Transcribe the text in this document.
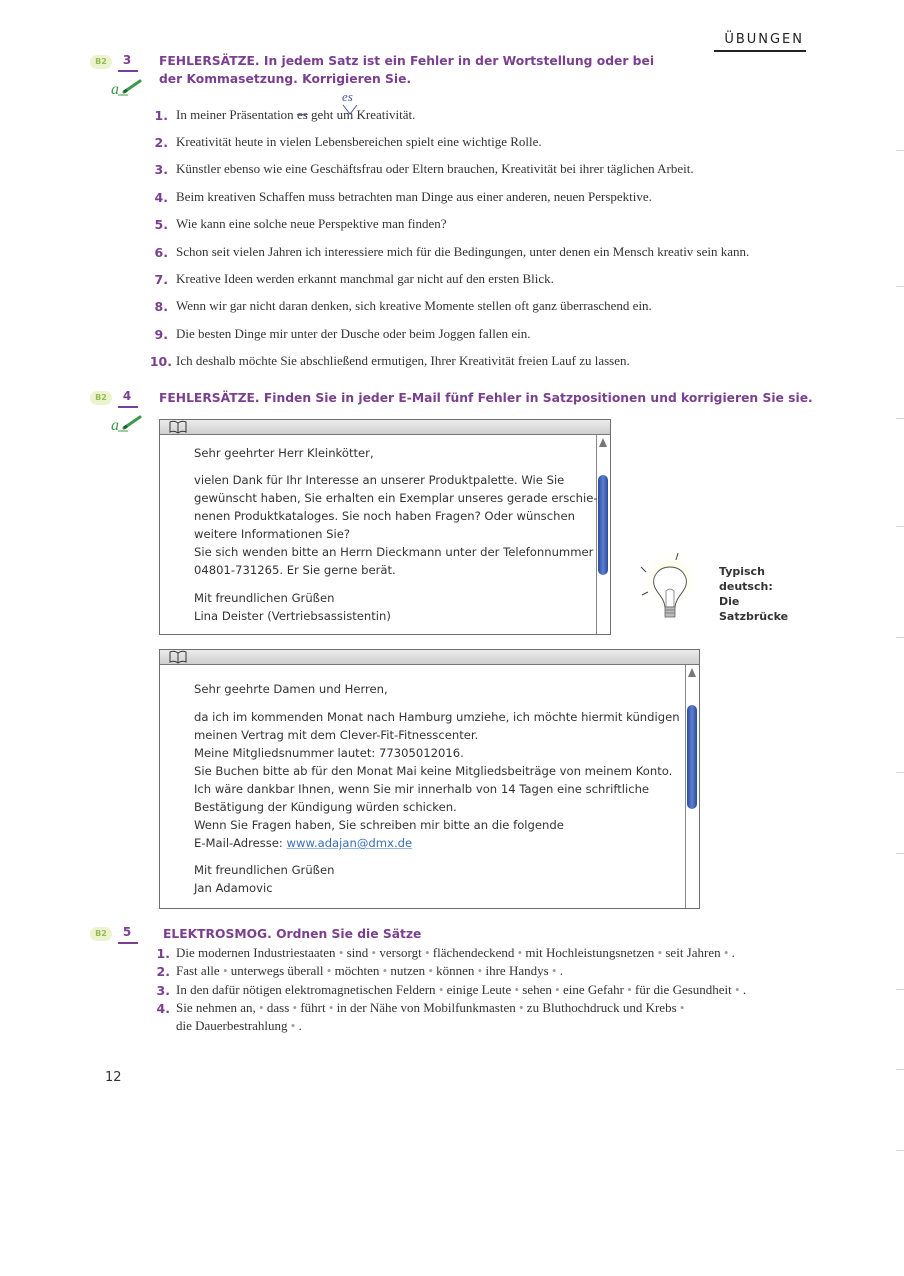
ÜBUNGEN
B2	3
a
FEHLERSÄTZE. In jedem Satz ist ein Fehler in der Wortstellung oder bei
der Kommasetzung. Korrigieren Sie.
1. In meiner Präsentation es geht um Kreativität.
es
2. Kreativität heute in vielen Lebensbereichen spielt eine wichtige Rolle.
3. Künstler ebenso wie eine Geschäftsfrau oder Eltern brauchen, Kreativität bei ihrer täglichen Arbeit.
4. Beim kreativen Schaffen muss betrachten man Dinge aus einer anderen, neuen Perspektive.
5. Wie kann eine solche neue Perspektive man finden?
6. Schon seit vielen Jahren ich interessiere mich für die Bedingungen, unter denen ein Mensch kreativ sein kann.
7. Kreative Ideen werden erkannt manchmal gar nicht auf den ersten Blick.
8. Wenn wir gar nicht daran denken, sich kreative Momente stellen oft ganz überraschend ein.
9. Die besten Dinge mir unter der Dusche oder beim Joggen fallen ein.
10. Ich deshalb möchte Sie abschließend ermutigen, Ihrer Kreativität freien Lauf zu lassen.
B2	4
a
FEHLERSÄTZE. Finden Sie in jeder E-Mail fünf Fehler in Satzpositionen und korrigieren Sie sie.
Sehr geehrter Herr Kleinkötter,
vielen Dank für Ihr Interesse an unserer Produktpalette. Wie Sie
gewünscht haben, Sie erhalten ein Exemplar unseres gerade erschie-
nenen Produktkataloges. Sie noch haben Fragen? Oder wünschen
weitere Informationen Sie?
Sie sich wenden bitte an Herrn Dieckmann unter der Telefonnummer
04801-731265. Er Sie gerne berät.
Mit freundlichen Grüßen
Lina Deister (Vertriebsassistentin)
Typisch
deutsch:
Die
Satzbrücke
Sehr geehrte Damen und Herren,
da ich im kommenden Monat nach Hamburg umziehe, ich möchte hiermit kündigen
meinen Vertrag mit dem Clever-Fit-Fitnesscenter.
Meine Mitgliedsnummer lautet: 77305012016.
Sie Buchen bitte ab für den Monat Mai keine Mitgliedsbeiträge von meinem Konto.
Ich wäre dankbar Ihnen, wenn Sie mir innerhalb von 14 Tagen eine schriftliche
Bestätigung der Kündigung würden schicken.
Wenn Sie Fragen haben, Sie schreiben mir bitte an die folgende
E-Mail-Adresse: www.adajan@dmx.de
Mit freundlichen Grüßen
Jan Adamovic
B2	5	ELEKTROSMOG. Ordnen Sie die Sätze
1. Die modernen Industriestaaten • sind • versorgt • flächendeckend • mit Hochleistungsnetzen • seit Jahren • .
2. Fast alle • unterwegs überall • möchten • nutzen • können • ihre Handys • .
3. In den dafür nötigen elektromagnetischen Feldern • einige Leute • sehen • eine Gefahr • für die Gesundheit • .
4. Sie nehmen an, • dass • führt • in der Nähe von Mobilfunkmasten • zu Bluthochdruck und Krebs •
die Dauerbestrahlung • .
12
